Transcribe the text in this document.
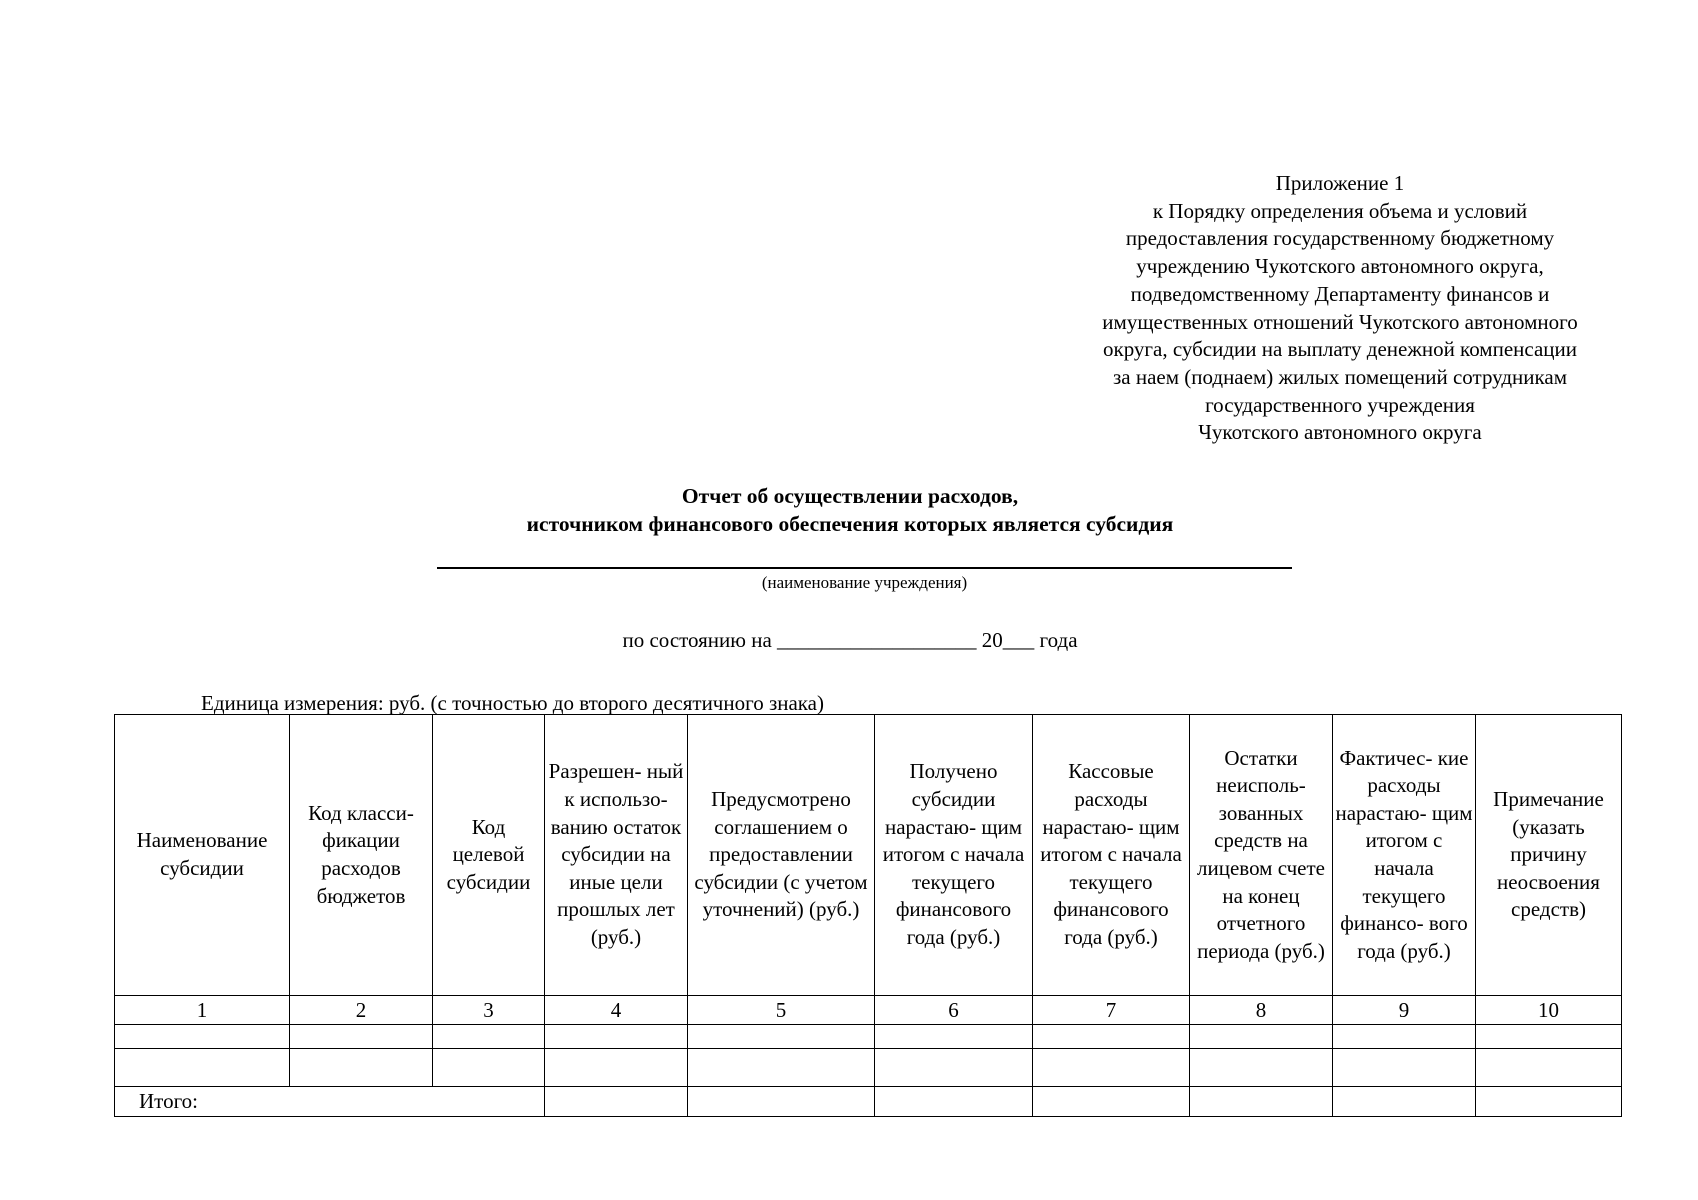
Приложение 1
к Порядку определения объема и условий
предоставления государственному бюджетному
учреждению Чукотского автономного округа,
подведомственному Департаменту финансов и
имущественных отношений Чукотского автономного
округа, субсидии на выплату денежной компенсации
за наем (поднаем) жилых помещений сотрудникам
государственного учреждения
Чукотского автономного округа
Отчет об осуществлении расходов,
источником финансового обеспечения которых является субсидия
(наименование учреждения)
по состоянию на ___________________ 20___ года
Единица измерения: руб. (с точностью до второго десятичного знака)
Наименование субсидии	Код класси- фикации расходов бюджетов	Код целевой субсидии	Разрешен- ный к использо- ванию остаток субсидии на иные цели прошлых лет (руб.)	Предусмотрено соглашением о предоставлении субсидии (с учетом уточнений) (руб.)	Получено субсидии нарастаю- щим итогом с начала текущего финансового года (руб.)	Кассовые расходы нарастаю- щим итогом с начала текущего финансового года (руб.)	Остатки неисполь- зованных средств на лицевом счете на конец отчетного периода (руб.)	Фактичес- кие расходы нарастаю- щим итогом с начала текущего финансо- вого года (руб.)	Примечание (указать причину неосвоения средств)
1	2	3	4	5	6	7	8	9	10

Итого:									
